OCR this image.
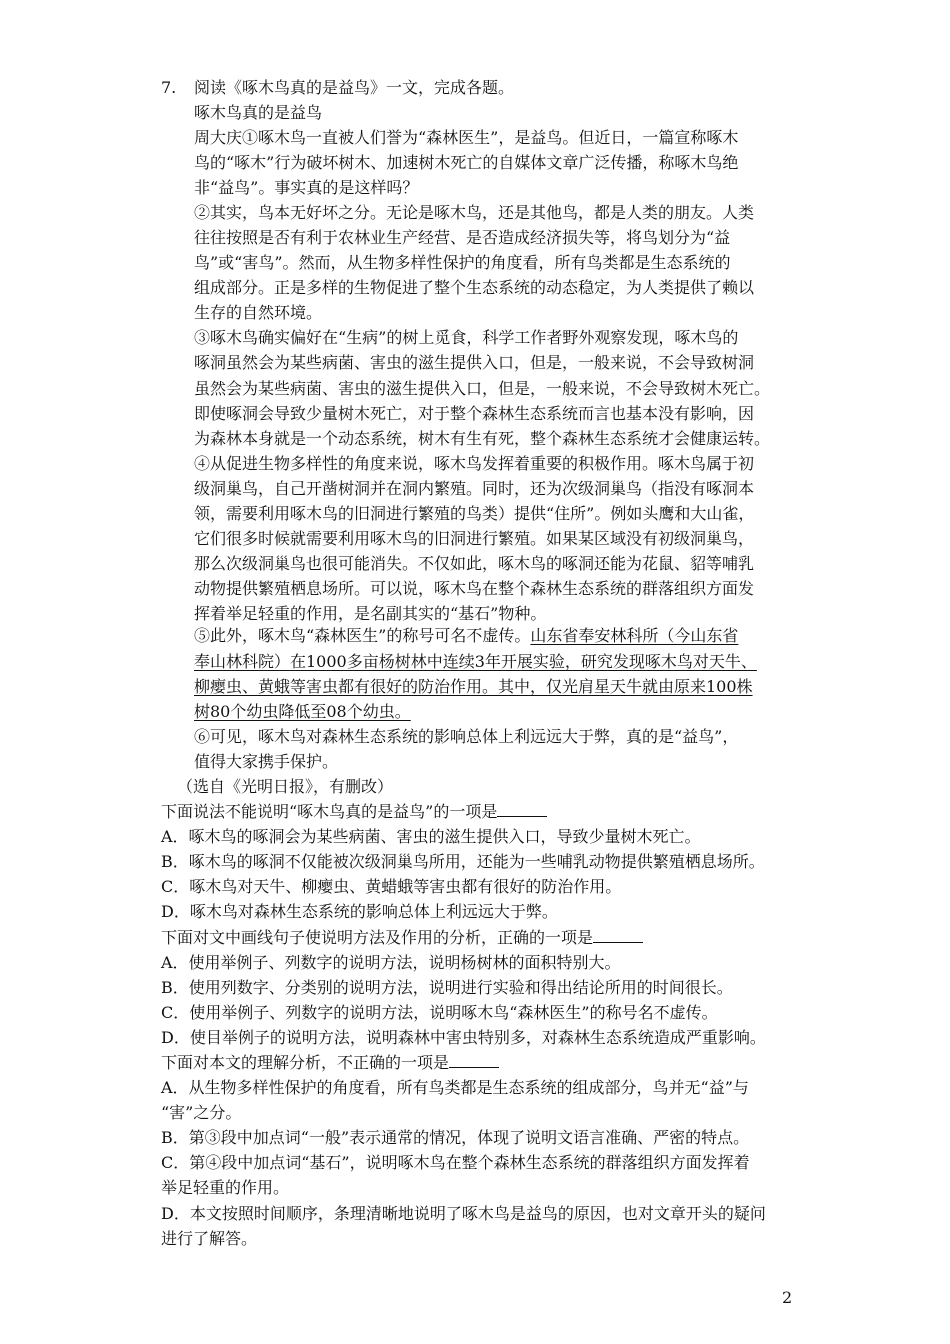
7. 阅读《啄木鸟真的是益鸟》一文，完成各题。
啄木鸟真的是益鸟
周大庆①啄木鸟一直被人们誉为“森林医生”，是益鸟。但近日，一篇宣称啄木
鸟的“啄木”行为破坏树木、加速树木死亡的自媒体文章广泛传播，称啄木鸟绝
非“益鸟”。事实真的是这样吗？
②其实，鸟本无好坏之分。无论是啄木鸟，还是其他鸟，都是人类的朋友。人类
往往按照是否有利于农林业生产经营、是否造成经济损失等，将鸟划分为“益
鸟”或“害鸟”。然而，从生物多样性保护的角度看，所有鸟类都是生态系统的
组成部分。正是多样的生物促进了整个生态系统的动态稳定，为人类提供了赖以
生存的自然环境。
③啄木鸟确实偏好在“生病”的树上觅食，科学工作者野外观察发现，啄木鸟的
啄洞虽然会为某些病菌、害虫的滋生提供入口，但是，一般来说，不会导致树洞
虽然会为某些病菌、害虫的滋生提供入口，但是，一般来说，不会导致树木死亡。
即使啄洞会导致少量树木死亡，对于整个森林生态系统而言也基本没有影响，因
为森林本身就是一个动态系统，树木有生有死，整个森林生态系统才会健康运转。
④从促进生物多样性的角度来说，啄木鸟发挥着重要的积极作用。啄木鸟属于初
级洞巢鸟，自己开凿树洞并在洞内繁殖。同时，还为次级洞巢鸟（指没有啄洞本
领，需要利用啄木鸟的旧洞进行繁殖的鸟类）提供“住所”。例如头鹰和大山雀，
它们很多时候就需要利用啄木鸟的旧洞进行繁殖。如果某区域没有初级洞巢鸟，
那么次级洞巢鸟也很可能消失。不仅如此，啄木鸟的啄洞还能为花鼠、貂等哺乳
动物提供繁殖栖息场所。可以说，啄木鸟在整个森林生态系统的群落组织方面发
挥着举足轻重的作用，是名副其实的“基石”物种。
⑤此外，啄木鸟“森林医生”的称号可名不虚传。山东省奉安林科所（今山东省
奉山林科院）在1000多亩杨树林中连续3年开展实验，研究发现啄木鸟对天牛、
柳瘿虫、黄蛾等害虫都有很好的防治作用。其中，仅光肩星天牛就由原来100株
树80个幼虫降低至08个幼虫。
⑥可见，啄木鸟对森林生态系统的影响总体上利远远大于弊，真的是“益鸟”，
值得大家携手保护。
（选自《光明日报》，有删改）
下面说法不能说明“啄木鸟真的是益鸟”的一项是
A．啄木鸟的啄洞会为某些病菌、害虫的滋生提供入口，导致少量树木死亡。
B．啄木鸟的啄洞不仅能被次级洞巢鸟所用，还能为一些哺乳动物提供繁殖栖息场所。
C．啄木鸟对天牛、柳瘿虫、黄蜡蛾等害虫都有很好的防治作用。
D．啄木鸟对森林生态系统的影响总体上利远远大于弊。
下面对文中画线句子使说明方法及作用的分析，正确的一项是
A．使用举例子、列数字的说明方法，说明杨树林的面积特别大。
B．使用列数字、分类别的说明方法，说明进行实验和得出结论所用的时间很长。
C．使用举例子、列数字的说明方法，说明啄木鸟“森林医生”的称号名不虚传。
D．使目举例子的说明方法，说明森林中害虫特别多，对森林生态系统造成严重影响。
下面对本文的理解分析，不正确的一项是
A．从生物多样性保护的角度看，所有鸟类都是生态系统的组成部分，鸟并无“益”与
“害”之分。
B．第③段中加点词“一般”表示通常的情况，体现了说明文语言准确、严密的特点。
C．第④段中加点词“基石”，说明啄木鸟在整个森林生态系统的群落组织方面发挥着
举足轻重的作用。
D．本文按照时间顺序，条理清晰地说明了啄木鸟是益鸟的原因，也对文章开头的疑问
进行了解答。
2
